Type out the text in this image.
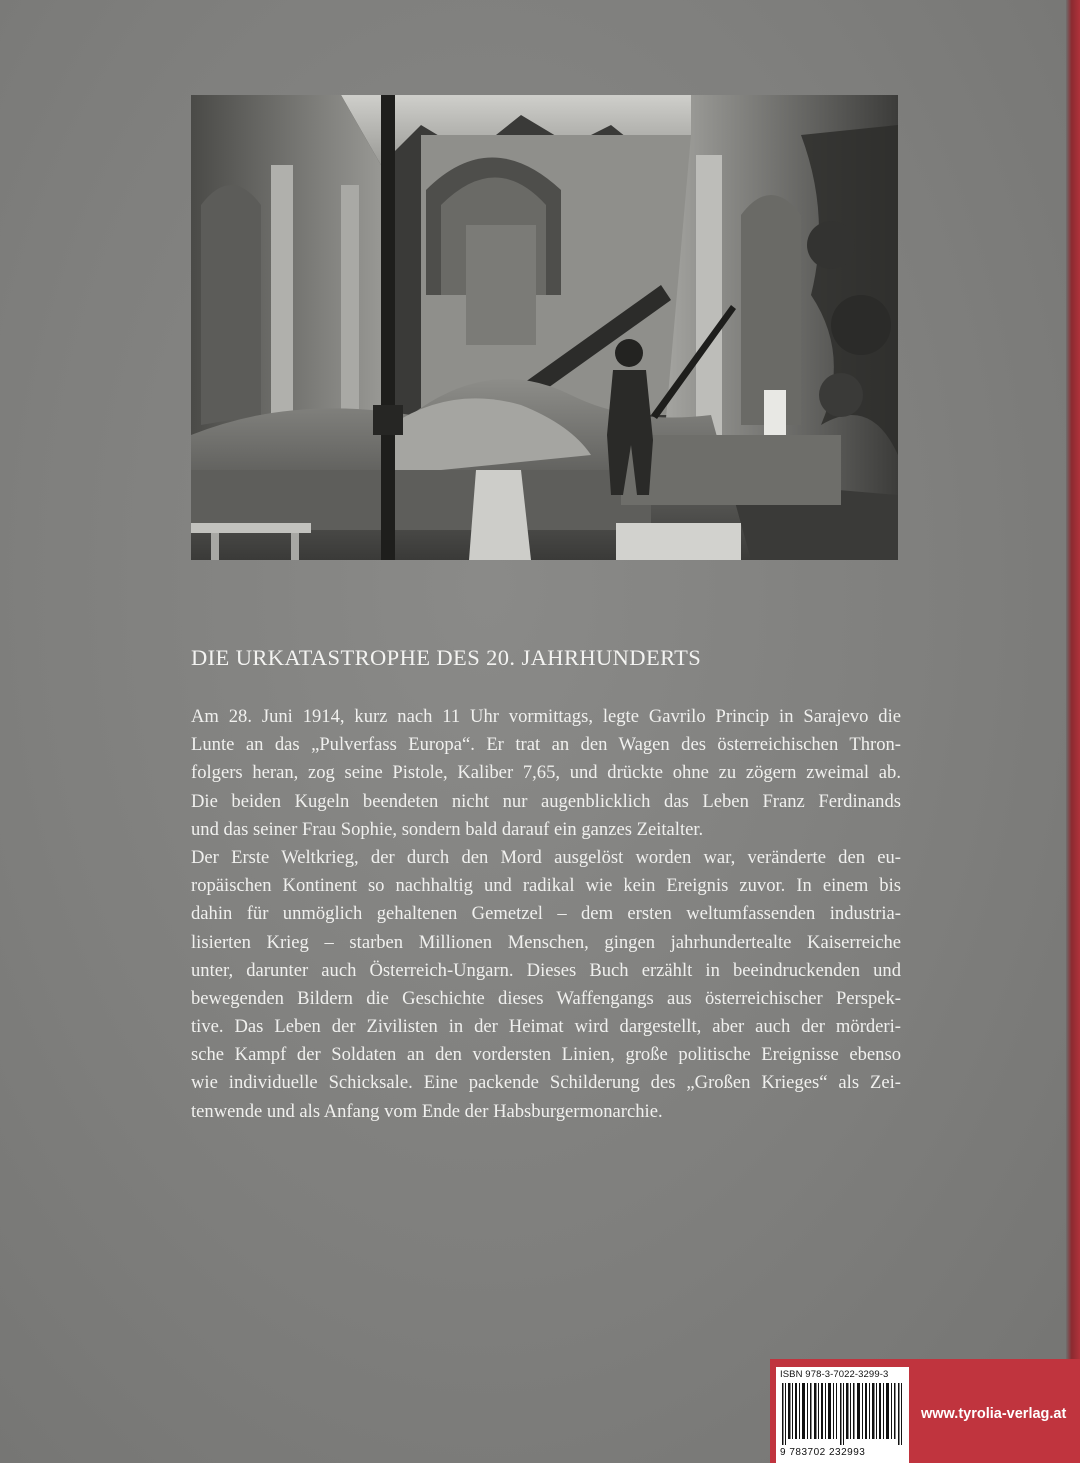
DIE URKATASTROPHE DES 20. JAHRHUNDERTS
Am 28. Juni 1914, kurz nach 11 Uhr vormittags, legte Gavrilo Princip in Sarajevo die
Lunte an das „Pulverfass Europa“. Er trat an den Wagen des österreichischen Thron-
folgers heran, zog seine Pistole, Kaliber 7,65, und drückte ohne zu zögern zweimal ab.
Die beiden Kugeln beendeten nicht nur augenblicklich das Leben Franz Ferdinands
und das seiner Frau Sophie, sondern bald darauf ein ganzes Zeitalter.
Der Erste Weltkrieg, der durch den Mord ausgelöst worden war, veränderte den eu-
ropäischen Kontinent so nachhaltig und radikal wie kein Ereignis zuvor. In einem bis
dahin für unmöglich gehaltenen Gemetzel – dem ersten weltumfassenden industria-
lisierten Krieg – starben Millionen Menschen, gingen jahrhundertealte Kaiserreiche
unter, darunter auch Österreich-Ungarn. Dieses Buch erzählt in beeindruckenden und
bewegenden Bildern die Geschichte dieses Waffengangs aus österreichischer Perspek-
tive. Das Leben der Zivilisten in der Heimat wird dargestellt, aber auch der mörderi-
sche Kampf der Soldaten an den vordersten Linien, große politische Ereignisse ebenso
wie individuelle Schicksale. Eine packende Schilderung des „Großen Krieges“ als Zei-
tenwende und als Anfang vom Ende der Habsburgermonarchie.
ISBN 978-3-7022-3299-3
9 783702 232993
www.tyrolia-verlag.at
